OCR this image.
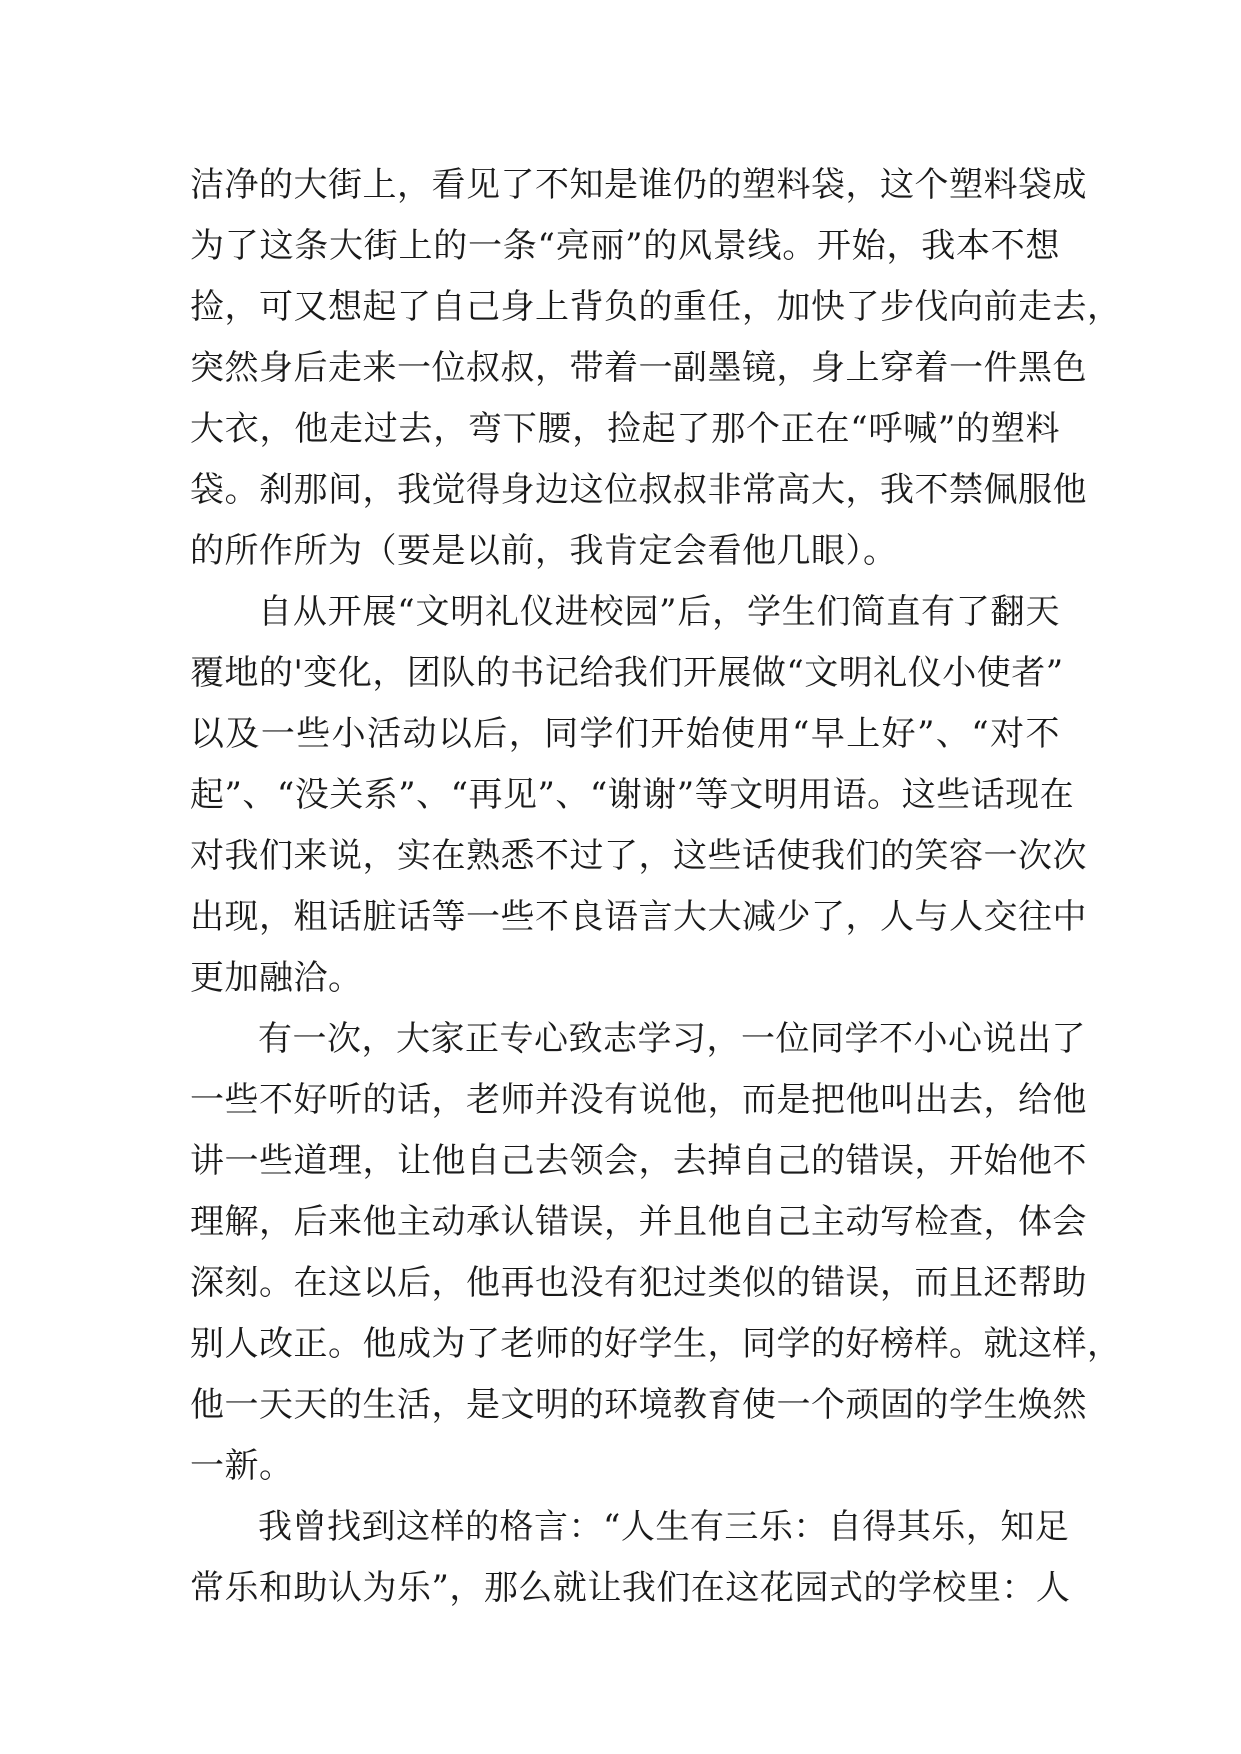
洁净的大街上，看见了不知是谁仍的塑料袋，这个塑料袋成
为了这条大街上的一条“亮丽”的风景线。开始，我本不想
捡，可又想起了自己身上背负的重任，加快了步伐向前走去，
突然身后走来一位叔叔，带着一副墨镜，身上穿着一件黑色
大衣，他走过去，弯下腰，捡起了那个正在“呼喊”的塑料
袋。刹那间，我觉得身边这位叔叔非常高大，我不禁佩服他
的所作所为（要是以前，我肯定会看他几眼）。
自从开展“文明礼仪进校园”后，学生们简直有了翻天
覆地的'变化，团队的书记给我们开展做“文明礼仪小使者”
以及一些小活动以后，同学们开始使用“早上好”、“对不
起”、“没关系”、“再见”、“谢谢”等文明用语。这些话现在
对我们来说，实在熟悉不过了，这些话使我们的笑容一次次
出现，粗话脏话等一些不良语言大大减少了，人与人交往中
更加融洽。
有一次，大家正专心致志学习，一位同学不小心说出了
一些不好听的话，老师并没有说他，而是把他叫出去，给他
讲一些道理，让他自己去领会，去掉自己的错误，开始他不
理解，后来他主动承认错误，并且他自己主动写检查，体会
深刻。在这以后，他再也没有犯过类似的错误，而且还帮助
别人改正。他成为了老师的好学生，同学的好榜样。就这样，
他一天天的生活，是文明的环境教育使一个顽固的学生焕然
一新。
我曾找到这样的格言：“人生有三乐：自得其乐，知足
常乐和助认为乐”，那么就让我们在这花园式的学校里：人
